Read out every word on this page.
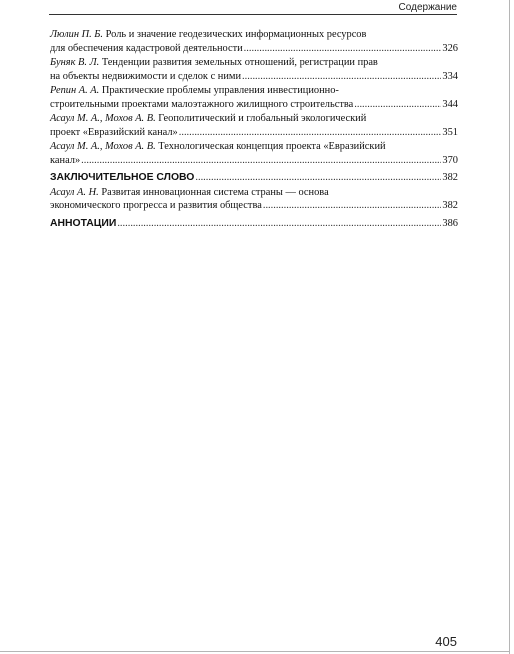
Содержание
Люлин П. Б. Роль и значение геодезических информационных ресурсов
для обеспечения кадастровой деятельности .....	326
Буняк В. Л. Тенденции развития земельных отношений, регистрации прав
на объекты недвижимости и сделок с ними .....	334
Репин А. А. Практические проблемы управления инвестиционно-
строительными проектами малоэтажного жилищного строительства .....	344
Асаул М. А., Мохов А. В. Геополитический и глобальный экологический
проект «Евразийский канал» .....	351
Асаул М. А., Мохов А. В. Технологическая концепция проекта «Евразийский
канал» .....	370
ЗАКЛЮЧИТЕЛЬНОЕ СЛОВО .....	382
Асаул А. Н. Развитая инновационная система страны — основа
экономического прогресса и развития общества .....	382
АННОТАЦИИ .....	386
405
